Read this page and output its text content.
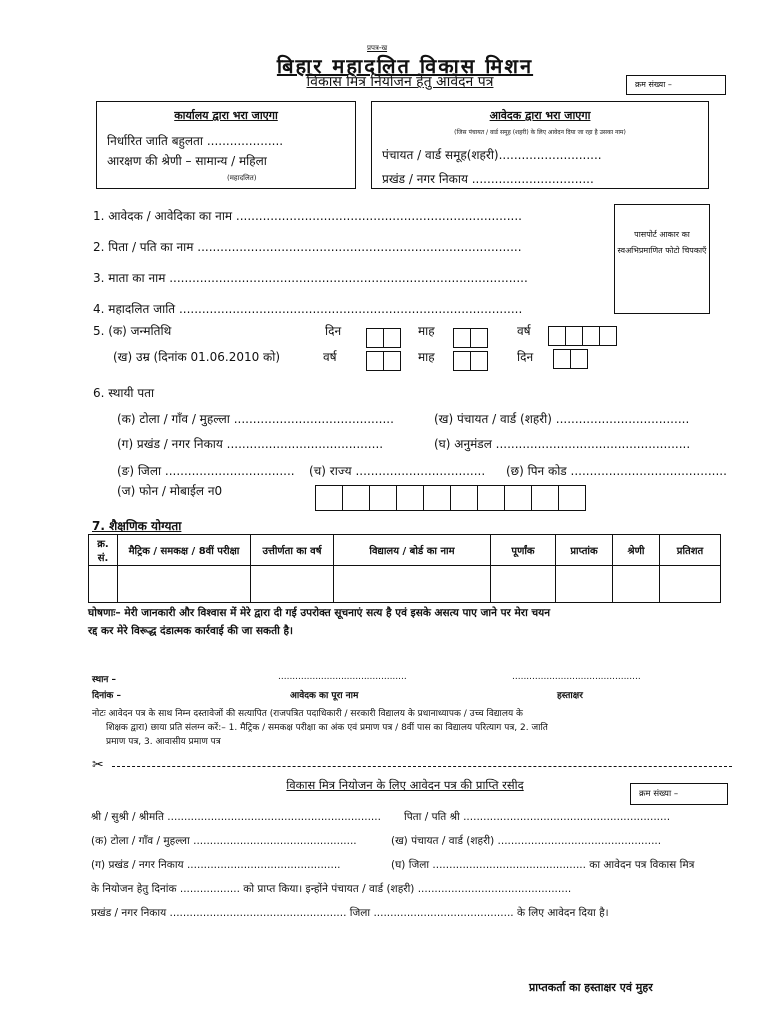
प्रपत्र-ख
बिहार महादलित विकास मिशन
विकास मित्र नियोजन हेतु आवेदन पत्र	क्रम संख्या –
कार्यालय द्वारा भरा जाएगा
निर्धारित जाति बहुलता ....................
आरक्षण की श्रेणी – सामान्य / महिला
(महादलित)
आवेदक द्वारा भरा जाएगा
(जिस पंचायत / वार्ड समूह (शहरी) के लिए आवेदन दिया जा रहा है उसका नाम)
पंचायत / वार्ड समूह(शहरी)...........................
प्रखंड / नगर निकाय ................................
पासपोर्ट आकार का स्वअभिप्रमाणित फोटो चिपकाएँ
1. आवेदक / आवेदिका का नाम ...........................................................................
2. पिता / पति का नाम .....................................................................................
3. माता का नाम ..............................................................................................
4. महादलित जाति ..........................................................................................
5. (क) जन्मतिथि	दिन	माह	वर्ष
(ख) उम्र (दिनांक 01.06.2010 को)	वर्ष	माह	दिन
6. स्थायी पता
(क) टोला / गाँव / मुहल्ला ..........................................	(ख) पंचायत / वार्ड (शहरी) ...................................
(ग) प्रखंड / नगर निकाय .........................................	(घ) अनुमंडल ...................................................
(ङ) जिला .................................. (च) राज्य .................................. (छ) पिन कोड .........................................
(ज) फोन / मोबाईल न0
7. शैक्षणिक योग्यता
क्र. सं.	मैट्रिक / समकक्ष / 8वीं परीक्षा	उत्तीर्णता का वर्ष	विद्यालय / बोर्ड का नाम	पूर्णांक	प्राप्तांक	श्रेणी	प्रतिशत

घोषणाः– मेरी जानकारी और विश्वास में मेरे द्वारा दी गई उपरोक्त सूचनाएं सत्य है एवं इसके असत्य पाए जाने पर मेरा चयन
रद्द कर मेरे विरूद्ध दंडात्मक कार्रवाई की जा सकती है।
स्थान –	.............................................	.............................................
दिनांक –	आवेदक का पूरा नाम	हस्ताक्षर
नोटः आवेदन पत्र के साथ निम्न दस्तावेजों की सत्यापित (राजपत्रित पदाधिकारी / सरकारी विद्यालय के प्रधानाध्यापक / उच्च विद्यालय के
शिक्षक द्वारा) छाया प्रति संलग्न करें:– 1. मैट्रिक / समकक्ष परीक्षा का अंक एवं प्रमाण पत्र / 8वीं पास का विद्यालय परित्याग पत्र, 2. जाति
प्रमाण पत्र, 3. आवासीय प्रमाण पत्र
✂
विकास मित्र नियोजन के लिए आवेदन पत्र की प्राप्ति रसीद
क्रम संख्या –
श्री / सुश्री / श्रीमति ................................................................ पिता / पति श्री ..............................................................
(क) टोला / गाँव / मुहल्ला .................................................	(ख) पंचायत / वार्ड (शहरी) .................................................
(ग) प्रखंड / नगर निकाय ..............................................	(घ) जिला .............................................. का आवेदन पत्र विकास मित्र
के नियोजन हेतु दिनांक .................. को प्राप्त किया। इन्होंने पंचायत / वार्ड (शहरी) ..............................................
प्रखंड / नगर निकाय ..................................................... जिला .......................................... के लिए आवेदन दिया है।
प्राप्तकर्ता का हस्ताक्षर एवं मुहर
